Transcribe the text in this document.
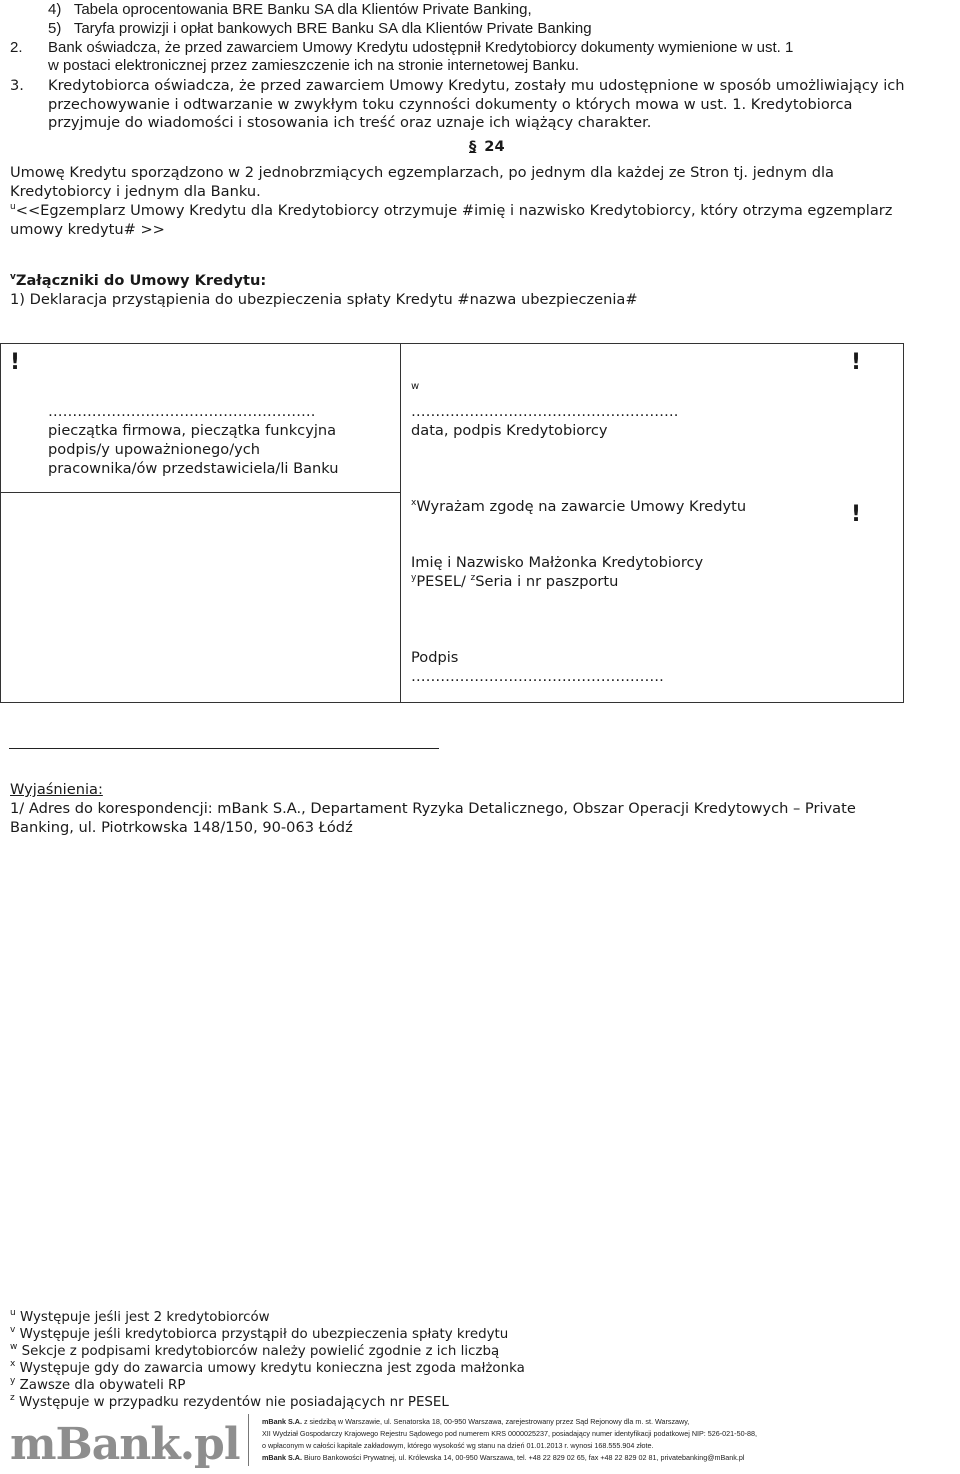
4)   Tabela oprocentowania BRE Banku SA dla Klientów Private Banking,
5)   Taryfa prowizji i opłat bankowych BRE Banku SA dla Klientów Private Banking
2. Bank oświadcza, że przed zawarciem Umowy Kredytu udostępnił Kredytobiorcy dokumenty wymienione w ust. 1
w postaci elektronicznej przez zamieszczenie ich na stronie internetowej Banku.
3. Kredytobiorca oświadcza, że przed zawarciem Umowy Kredytu, zostały mu udostępnione w sposób umożliwiający ich
przechowywanie i odtwarzanie w zwykłym toku czynności dokumenty o których mowa w ust. 1. Kredytobiorca
przyjmuje do wiadomości i stosowania ich treść oraz uznaje ich wiążący charakter.
§ 24
Umowę Kredytu sporządzono w 2 jednobrzmiących egzemplarzach, po jednym dla każdej ze Stron tj. jednym dla
Kredytobiorcy i jednym dla Banku.
$^u$<<Egzemplarz Umowy Kredytu dla Kredytobiorcy otrzymuje #imię i nazwisko Kredytobiorcy, który otrzyma egzemplarz
umowy kredytu# >>
$^v$Załączniki do Umowy Kredytu:
1) Deklaracja przystąpienia do ubezpieczenia spłaty Kredytu #nazwa ubezpieczenia#
!
……………………………………………….
pieczątka firmowa, pieczątka funkcyjna
podpis/y upoważnionego/ych
pracownika/ów przedstawiciela/li Banku
w
……………………………………………….
data, podpis Kredytobiorcy
!
$^x$Wyrażam zgodę na zawarcie Umowy Kredytu	!
Imię i Nazwisko Małżonka Kredytobiorcy
$^y$PESEL/ $^z$Seria i nr paszportu
Podpis
…………………………………………….
Wyjaśnienia:
1/ Adres do korespondencji: mBank S.A., Departament Ryzyka Detalicznego, Obszar Operacji Kredytowych – Private
Banking, ul. Piotrkowska 148/150, 90-063 Łódź
$^u$ Występuje jeśli jest 2 kredytobiorców
$^v$ Występuje jeśli kredytobiorca przystąpił do ubezpieczenia spłaty kredytu
$^w$ Sekcje z podpisami kredytobiorców należy powielić zgodnie z ich liczbą
$^x$ Występuje gdy do zawarcia umowy kredytu konieczna jest zgoda małżonka
$^y$ Zawsze dla obywateli RP
$^z$ Występuje w przypadku rezydentów nie posiadających nr PESEL
mBank.pl	mBank S.A. z siedzibą w Warszawie, ul. Senatorska 18, 00-950 Warszawa, zarejestrowany przez Sąd Rejonowy dla m. st. Warszawy,
XII Wydział Gospodarczy Krajowego Rejestru Sądowego pod numerem KRS 0000025237, posiadający numer identyfikacji podatkowej NIP: 526-021-50-88,
o wpłaconym w całości kapitale zakładowym, którego wysokość wg stanu na dzień 01.01.2013 r. wynosi 168.555.904 złote.
mBank S.A. Biuro Bankowości Prywatnej, ul. Królewska 14, 00-950 Warszawa, tel. +48 22 829 02 65, fax +48 22 829 02 81, privatebanking@mBank.pl
